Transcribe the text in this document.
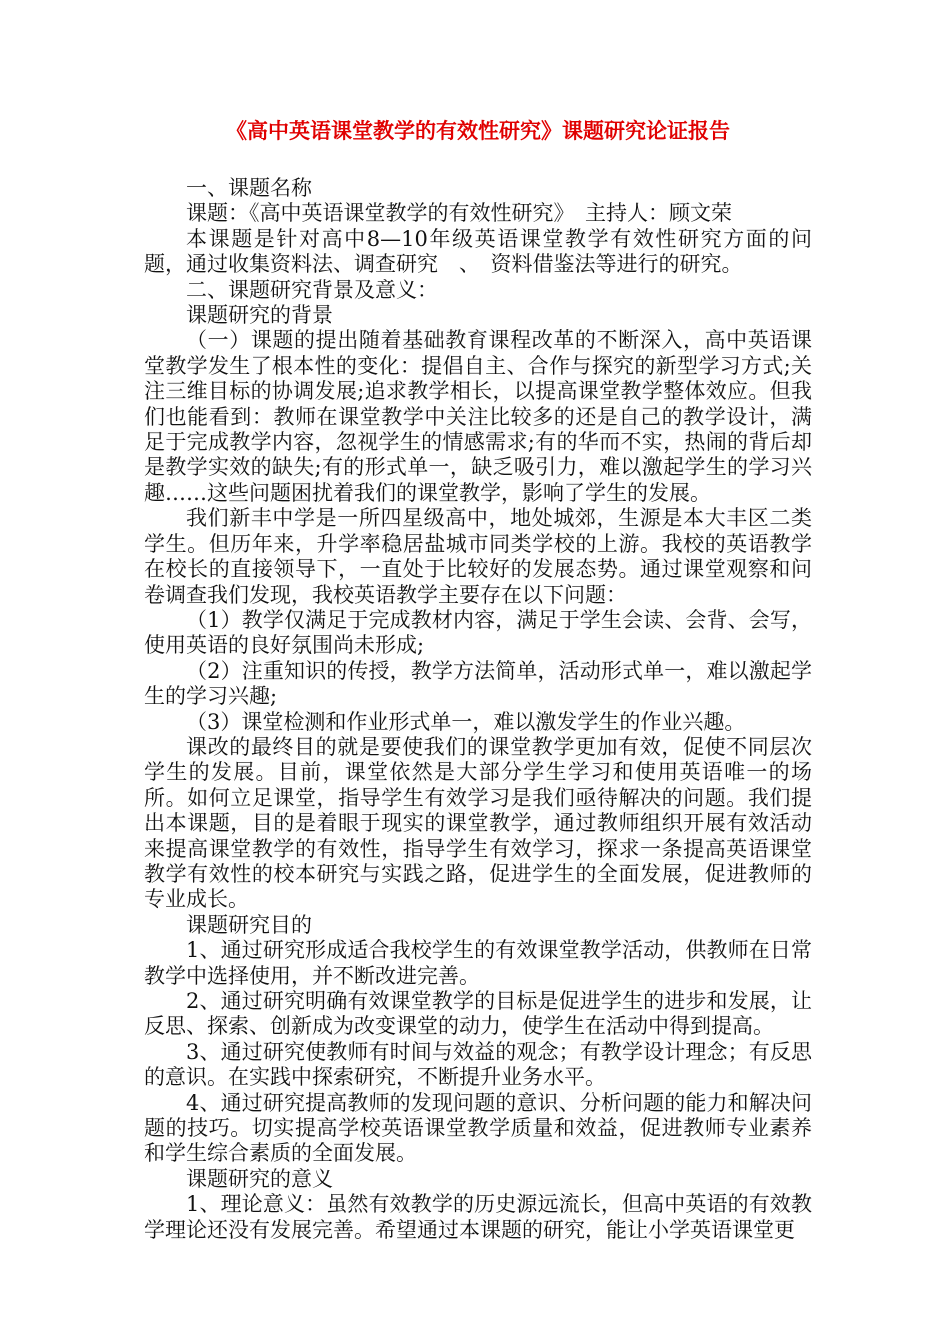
《高中英语课堂教学的有效性研究》课题研究论证报告

一、课题名称

课题：《高中英语课堂教学的有效性研究》　主持人：顾文荣

本课题是针对高中8—10年级英语课堂教学有效性研究方面的问题，通过收集资料法、调查研究　、　资料借鉴法等进行的研究。

二、课题研究背景及意义：

课题研究的背景

（一）课题的提出随着基础教育课程改革的不断深入，高中英语课堂教学发生了根本性的变化：提倡自主、合作与探究的新型学习方式;关注三维目标的协调发展;追求教学相长，以提高课堂教学整体效应。但我们也能看到：教师在课堂教学中关注比较多的还是自己的教学设计，满足于完成教学内容，忽视学生的情感需求;有的华而不实，热闹的背后却是教学实效的缺失;有的形式单一，缺乏吸引力，难以激起学生的学习兴趣……这些问题困扰着我们的课堂教学，影响了学生的发展。

我们新丰中学是一所四星级高中，地处城郊，生源是本大丰区二类学生。但历年来，升学率稳居盐城市同类学校的上游。我校的英语教学在校长的直接领导下，一直处于比较好的发展态势。通过课堂观察和问卷调查我们发现，我校英语教学主要存在以下问题：

（1）教学仅满足于完成教材内容，满足于学生会读、会背、会写，使用英语的良好氛围尚未形成;

（2）注重知识的传授，教学方法简单，活动形式单一，难以激起学生的学习兴趣;

（3）课堂检测和作业形式单一，难以激发学生的作业兴趣。

课改的最终目的就是要使我们的课堂教学更加有效，促使不同层次学生的发展。目前，课堂依然是大部分学生学习和使用英语唯一的场所。如何立足课堂，指导学生有效学习是我们亟待解决的问题。我们提出本课题，目的是着眼于现实的课堂教学，通过教师组织开展有效活动来提高课堂教学的有效性，指导学生有效学习，探求一条提高英语课堂教学有效性的校本研究与实践之路，促进学生的全面发展，促进教师的专业成长。

课题研究目的

1、通过研究形成适合我校学生的有效课堂教学活动，供教师在日常教学中选择使用，并不断改进完善。

2、通过研究明确有效课堂教学的目标是促进学生的进步和发展，让反思、探索、创新成为改变课堂的动力，使学生在活动中得到提高。

3、通过研究使教师有时间与效益的观念；有教学设计理念；有反思的意识。在实践中探索研究，不断提升业务水平。

4、通过研究提高教师的发现问题的意识、分析问题的能力和解决问题的技巧。切实提高学校英语课堂教学质量和效益，促进教师专业素养和学生综合素质的全面发展。

课题研究的意义

1、理论意义：虽然有效教学的历史源远流长，但高中英语的有效教学理论还没有发展完善。希望通过本课题的研究，能让小学英语课堂更
